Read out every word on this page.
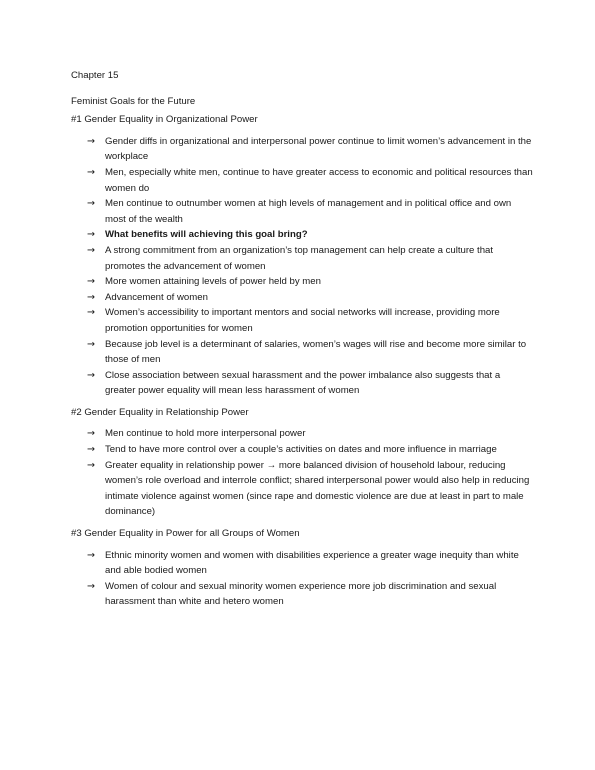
Chapter 15
Feminist Goals for the Future
#1 Gender Equality in Organizational Power
→ Gender diffs in organizational and interpersonal power continue to limit women’s advancement in the workplace
→ Men, especially white men, continue to have greater access to economic and political resources than women do
→ Men continue to outnumber women at high levels of management and in political office and own most of the wealth
→ What benefits will achieving this goal bring?
→ A strong commitment from an organization’s top management can help create a culture that promotes the advancement of women
→ More women attaining levels of power held by men
→ Advancement of women
→ Women’s accessibility to important mentors and social networks will increase, providing more promotion opportunities for women
→ Because job level is a determinant of salaries, women’s wages will rise and become more similar to those of men
→ Close association between sexual harassment and the power imbalance also suggests that a greater power equality will mean less harassment of women
#2 Gender Equality in Relationship Power
→ Men continue to hold more interpersonal power
→ Tend to have more control over a couple’s activities on dates and more influence in marriage
→ Greater equality in relationship power → more balanced division of household labour, reducing women’s role overload and interrole conflict; shared interpersonal power would also help in reducing intimate violence against women (since rape and domestic violence are due at least in part to male dominance)
#3 Gender Equality in Power for all Groups of Women
→ Ethnic minority women and women with disabilities experience a greater wage inequity than white and able bodied women
→ Women of colour and sexual minority women experience more job discrimination and sexual harassment than white and hetero women
